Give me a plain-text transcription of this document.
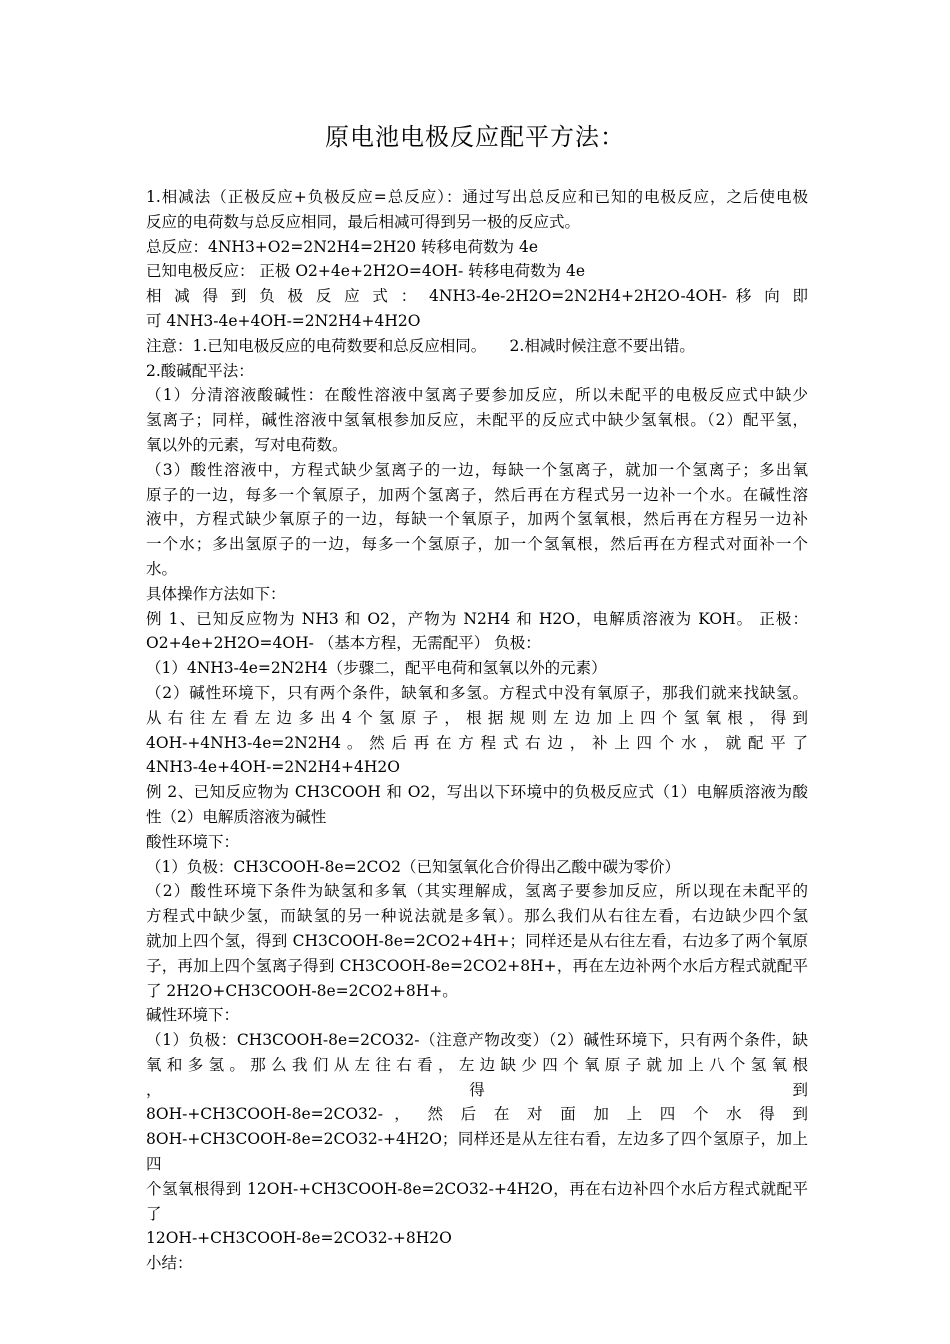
原电池电极反应配平方法：

1.相减法（正极反应+负极反应=总反应）：通过写出总反应和已知的电极反应，之后使电极

反应的电荷数与总反应相同，最后相减可得到另一极的反应式。

总反应：4NH3+O2=2N2H4=2H20 转移电荷数为 4e

已知电极反应： 正极 O2+4e+2H2O=4OH- 转移电荷数为 4e

相 减 得 到 负 极 反 应 式 ： 4NH3-4e-2H2O=2N2H4+2H2O-4OH- 移 向 即

可 4NH3-4e+4OH-=2N2H4+4H2O

注意：1.已知电极反应的电荷数要和总反应相同。　　2.相减时候注意不要出错。

2.酸碱配平法：

（1）分清溶液酸碱性：在酸性溶液中氢离子要参加反应，所以未配平的电极反应式中缺少

氢离子；同样，碱性溶液中氢氧根参加反应，未配平的反应式中缺少氢氧根。（2）配平氢，

氧以外的元素，写对电荷数。

（3）酸性溶液中，方程式缺少氢离子的一边，每缺一个氢离子，就加一个氢离子；多出氧

原子的一边，每多一个氧原子，加两个氢离子，然后再在方程式另一边补一个水。在碱性溶

液中，方程式缺少氧原子的一边，每缺一个氧原子，加两个氢氧根，然后再在方程另一边补

一个水；多出氢原子的一边，每多一个氢原子，加一个氢氧根，然后再在方程式对面补一个

水。

具体操作方法如下：

例 1、已知反应物为 NH3 和 O2，产物为 N2H4 和 H2O，电解质溶液为 KOH。 正极：

O2+4e+2H2O=4OH- （基本方程，无需配平） 负极：

（1）4NH3-4e=2N2H4（步骤二，配平电荷和氢氧以外的元素）

（2）碱性环境下，只有两个条件，缺氧和多氢。方程式中没有氧原子，那我们就来找缺氢。

从 右 往 左 看 左 边 多 出 4 个 氢 原 子 ， 根 据 规 则 左 边 加 上 四 个 氢 氧 根 ， 得 到

4OH-+4NH3-4e=2N2H4 。 然 后 再 在 方 程 式 右 边 ， 补 上 四 个 水 ， 就 配 平 了

4NH3-4e+4OH-=2N2H4+4H2O

例 2、已知反应物为 CH3COOH 和 O2，写出以下环境中的负极反应式（1）电解质溶液为酸

性（2）电解质溶液为碱性

酸性环境下：

（1）负极：CH3COOH-8e=2CO2（已知氢氧化合价得出乙酸中碳为零价）

（2）酸性环境下条件为缺氢和多氧（其实理解成，氢离子要参加反应，所以现在未配平的

方程式中缺少氢，而缺氢的另一种说法就是多氧）。那么我们从右往左看，右边缺少四个氢

就加上四个氢，得到 CH3COOH-8e=2CO2+4H+；同样还是从右往左看，右边多了两个氧原

子，再加上四个氢离子得到 CH3COOH-8e=2CO2+8H+，再在左边补两个水后方程式就配平

了 2H2O+CH3COOH-8e=2CO2+8H+。

碱性环境下：

（1）负极：CH3COOH-8e=2CO32-（注意产物改变）（2）碱性环境下，只有两个条件，缺

氧 和 多 氢 。 那 么 我 们 从 左 往 右 看 ， 左 边 缺 少 四 个 氧 原 子 就 加 上 八 个 氢 氧 根 ， 得 到

8OH-+CH3COOH-8e=2CO32- ， 然 后 在 对 面 加 上 四 个 水 得 到

8OH-+CH3COOH-8e=2CO32-+4H2O；同样还是从左往右看，左边多了四个氢原子，加上四

个氢氧根得到 12OH-+CH3COOH-8e=2CO32-+4H2O，再在右边补四个水后方程式就配平了

12OH-+CH3COOH-8e=2CO32-+8H2O

小结：
